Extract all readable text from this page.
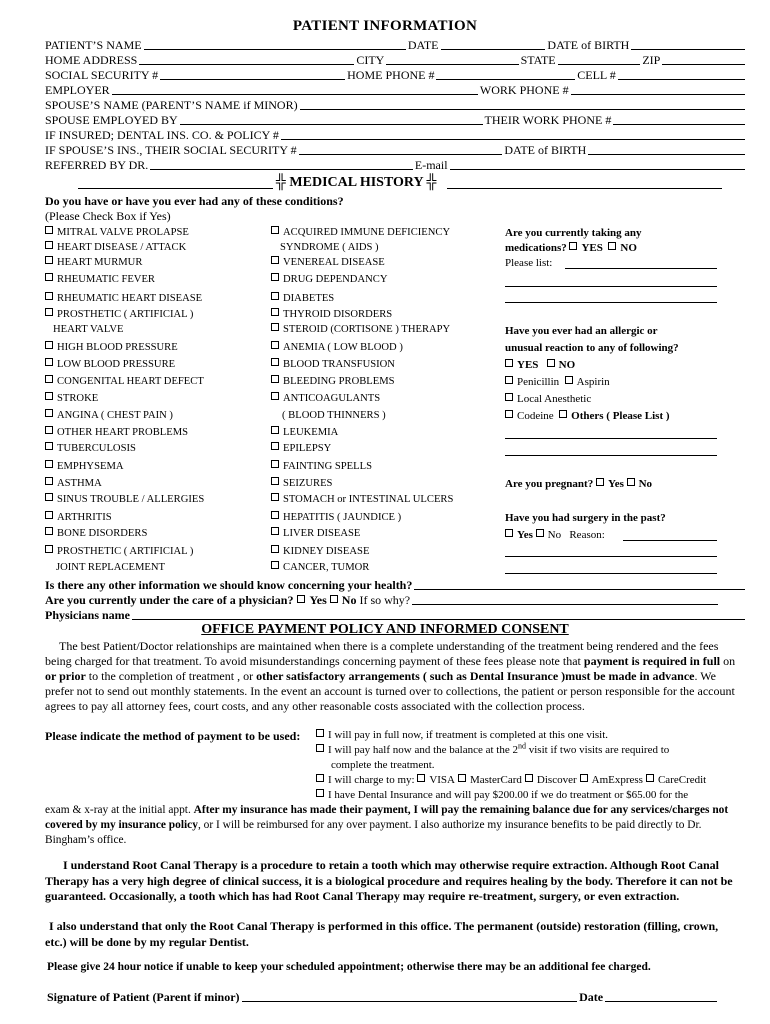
PATIENT INFORMATION
PATIENT’S NAME	DATE	DATE of BIRTH
HOME ADDRESS	CITY	STATE	ZIP
SOCIAL SECURITY #	HOME PHONE #	CELL #
EMPLOYER	WORK PHONE #
SPOUSE’S NAME (PARENT’S NAME if MINOR)
SPOUSE EMPLOYED BY	THEIR WORK PHONE #
IF INSURED; DENTAL INS. CO. & POLICY #
IF SPOUSE’S INS., THEIR SOCIAL SECURITY #	DATE of BIRTH
REFERRED BY DR.	E-mail
╬ MEDICAL HISTORY ╬
Do you have or have you ever had any of these conditions?
(Please Check Box if Yes)
MITRAL VALVE PROLAPSE
HEART DISEASE / ATTACK
HEART MURMUR
RHEUMATIC FEVER
RHEUMATIC HEART DISEASE
PROSTHETIC ( ARTIFICIAL )
HEART VALVE
HIGH BLOOD PRESSURE
LOW BLOOD PRESSURE
CONGENITAL HEART DEFECT
STROKE
ANGINA ( CHEST PAIN )
OTHER HEART PROBLEMS
TUBERCULOSIS
EMPHYSEMA
ASTHMA
SINUS TROUBLE / ALLERGIES
ARTHRITIS
BONE DISORDERS
PROSTHETIC ( ARTIFICIAL )
JOINT REPLACEMENT
ACQUIRED IMMUNE DEFICIENCY
SYNDROME ( AIDS )
VENEREAL DISEASE
DRUG DEPENDANCY
DIABETES
THYROID DISORDERS
STEROID (CORTISONE ) THERAPY
ANEMIA ( LOW BLOOD )
BLOOD TRANSFUSION
BLEEDING PROBLEMS
ANTICOAGULANTS
( BLOOD THINNERS )
LEUKEMIA
EPILEPSY
FAINTING SPELLS
SEIZURES
STOMACH or INTESTINAL ULCERS
HEPATITIS ( JAUNDICE )
LIVER DISEASE
KIDNEY DISEASE
CANCER, TUMOR
Are you currently taking any
medications? YES NO
Please list:
Have you ever had an allergic or
unusual reaction to any of following?
YES NO
Penicillin Aspirin
Local Anesthetic
Codeine Others ( Please List )
Are you pregnant? Yes No
Have you had surgery in the past?
Yes No Reason:
Is there any other information we should know concerning your health?
Are you currently under the care of a physician?	Yes No If so why?
Physicians name
OFFICE PAYMENT POLICY AND INFORMED CONSENT
The best Patient/Doctor relationships are maintained when there is a complete understanding of the treatment being rendered and the fees being charged for that treatment. To avoid misunderstandings concerning payment of these fees please note that payment is required in full on or prior to the completion of treatment , or other satisfactory arrangements ( such as Dental Insurance )must be made in advance. We prefer not to send out monthly statements. In the event an account is turned over to collections, the patient or person responsible for the account agrees to pay all attorney fees, court costs, and any other reasonable costs associated with the collection process.
Please indicate the method of payment to be used:	I will pay in full now, if treatment is completed at this one visit.
I will pay half now and the balance at the 2nd visit if two visits are required to
complete the treatment.
I will charge to my: VISA MasterCard Discover AmExpress CareCredit
I have Dental Insurance and will pay $200.00 if we do treatment or $65.00 for the
exam & x-ray at the initial appt. After my insurance has made their payment, I will pay the remaining balance due for any services/charges not covered by my insurance policy, or I will be reimbursed for any over payment. I also authorize my insurance benefits to be paid directly to Dr. Bingham’s office.
I understand Root Canal Therapy is a procedure to retain a tooth which may otherwise require extraction. Although Root Canal Therapy has a very high degree of clinical success, it is a biological procedure and requires healing by the body. Therefore it can not be guaranteed. Occasionally, a tooth which has had Root Canal Therapy may require re-treatment, surgery, or even extraction.
I also understand that only the Root Canal Therapy is performed in this office. The permanent (outside) restoration (filling, crown, etc.) will be done by my regular Dentist.
Please give 24 hour notice if unable to keep your scheduled appointment; otherwise there may be an additional fee charged.
Signature of Patient (Parent if minor)	Date
